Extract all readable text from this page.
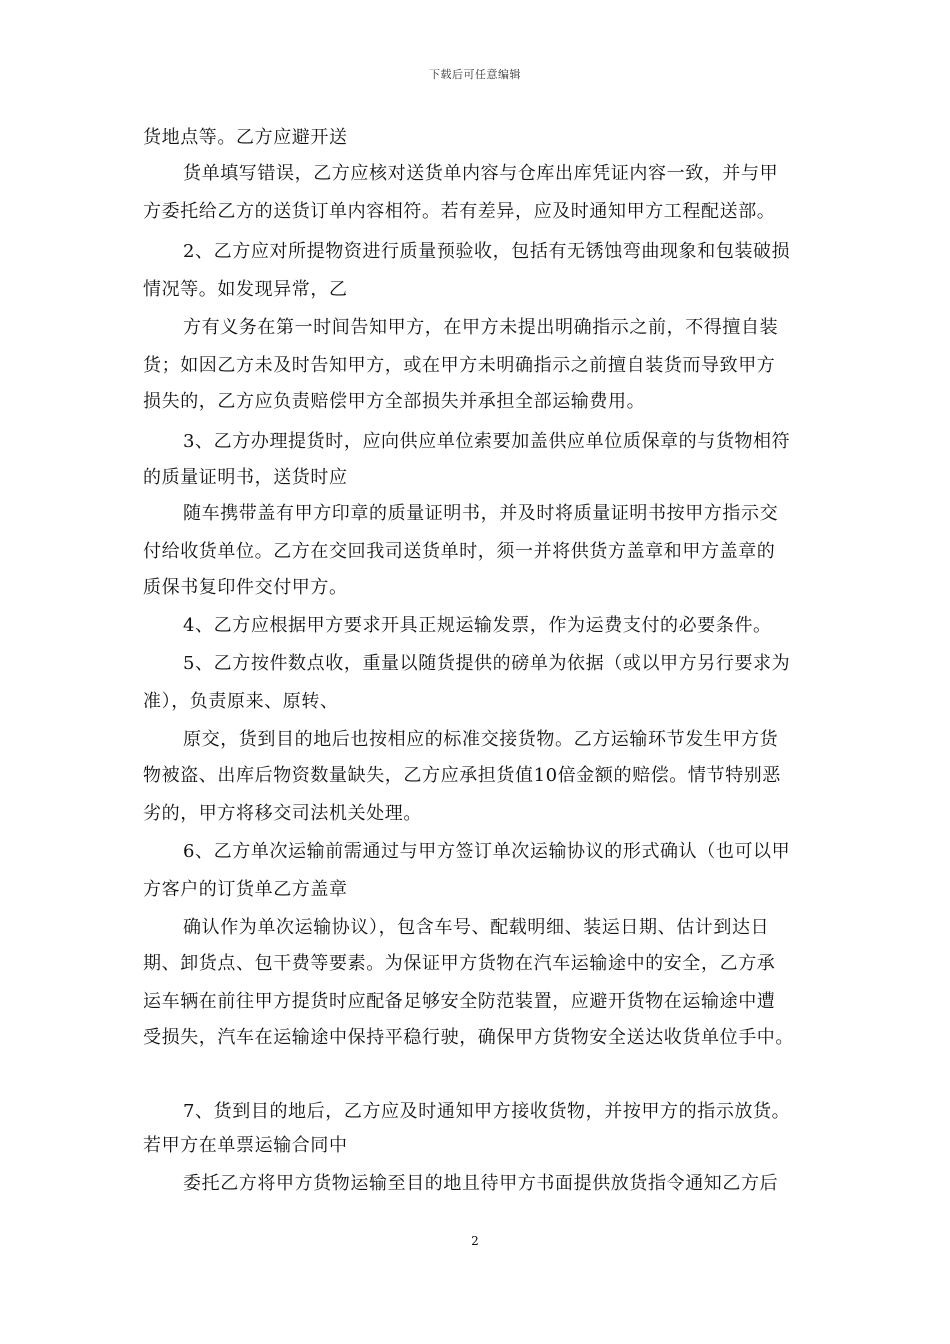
下载后可任意编辑
货地点等。乙方应避开送
货单填写错误，乙方应核对送货单内容与仓库出库凭证内容一致，并与甲
方委托给乙方的送货订单内容相符。若有差异，应及时通知甲方工程配送部。
2、乙方应对所提物资进行质量预验收，包括有无锈蚀弯曲现象和包装破损
情况等。如发现异常，乙
方有义务在第一时间告知甲方，在甲方未提出明确指示之前，不得擅自装
货；如因乙方未及时告知甲方，或在甲方未明确指示之前擅自装货而导致甲方
损失的，乙方应负责赔偿甲方全部损失并承担全部运输费用。
3、乙方办理提货时，应向供应单位索要加盖供应单位质保章的与货物相符
的质量证明书，送货时应
随车携带盖有甲方印章的质量证明书，并及时将质量证明书按甲方指示交
付给收货单位。乙方在交回我司送货单时，须一并将供货方盖章和甲方盖章的
质保书复印件交付甲方。
4、乙方应根据甲方要求开具正规运输发票，作为运费支付的必要条件。
5、乙方按件数点收，重量以随货提供的磅单为依据（或以甲方另行要求为
准），负责原来、原转、
原交，货到目的地后也按相应的标准交接货物。乙方运输环节发生甲方货
物被盗、出库后物资数量缺失，乙方应承担货值10倍金额的赔偿。情节特别恶
劣的，甲方将移交司法机关处理。
6、乙方单次运输前需通过与甲方签订单次运输协议的形式确认（也可以甲
方客户的订货单乙方盖章
确认作为单次运输协议），包含车号、配载明细、装运日期、估计到达日
期、卸货点、包干费等要素。为保证甲方货物在汽车运输途中的安全，乙方承
运车辆在前往甲方提货时应配备足够安全防范装置，应避开货物在运输途中遭
受损失，汽车在运输途中保持平稳行驶，确保甲方货物安全送达收货单位手中。
7、货到目的地后，乙方应及时通知甲方接收货物，并按甲方的指示放货。
若甲方在单票运输合同中
委托乙方将甲方货物运输至目的地且待甲方书面提供放货指令通知乙方后
2
